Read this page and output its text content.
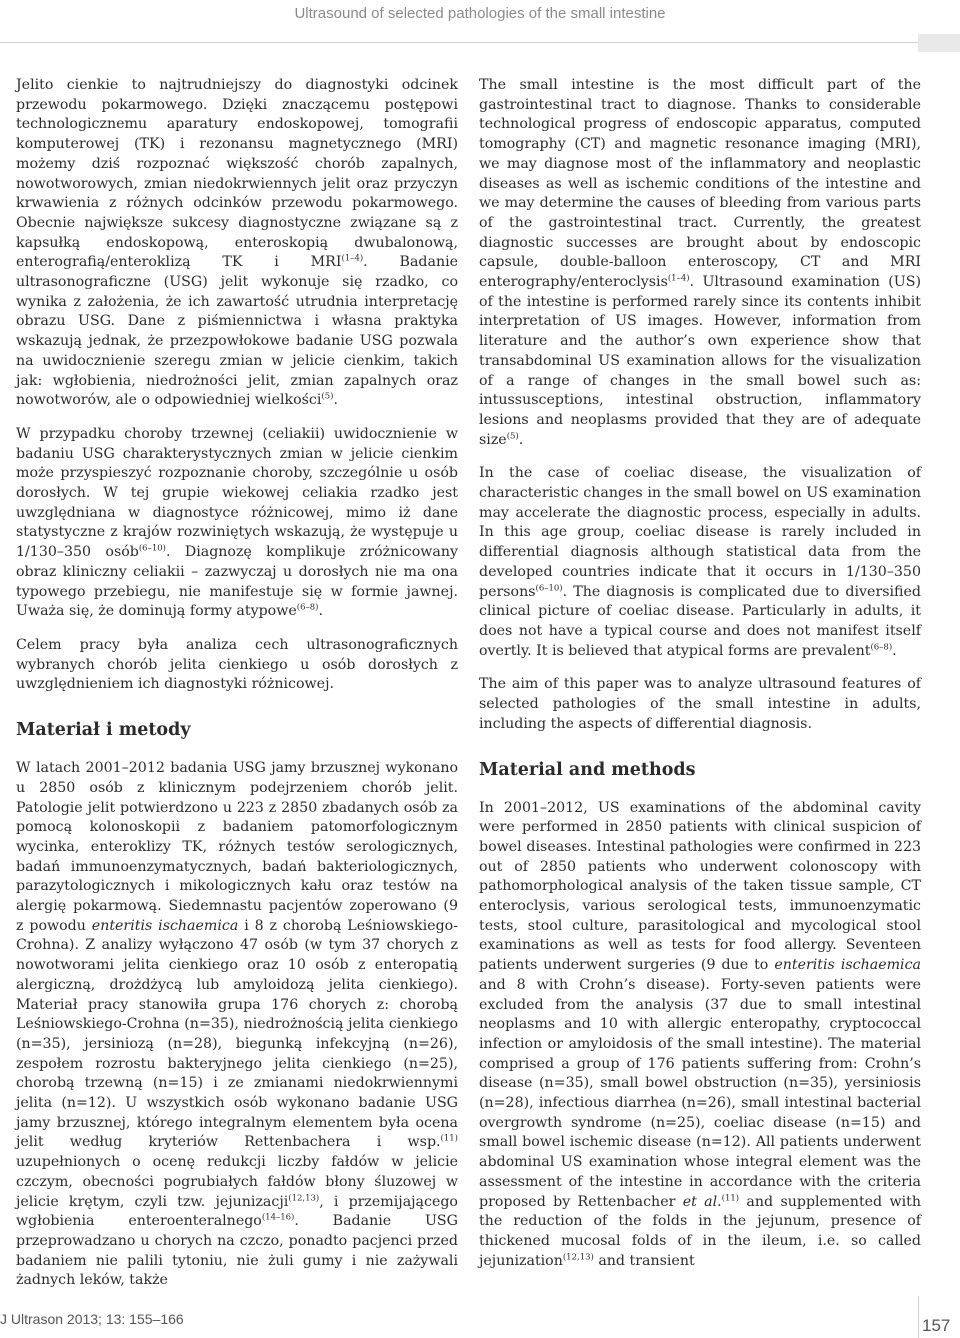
Ultrasound of selected pathologies of the small intestine

Jelito cienkie to najtrudniejszy do diagnostyki odcinek przewodu pokarmowego. Dzięki znaczącemu postępowi technologicznemu aparatury endoskopowej, tomografii komputerowej (TK) i rezonansu magnetycznego (MRI) możemy dziś rozpoznać większość chorób zapalnych, nowotworowych, zmian niedokrwiennych jelit oraz przyczyn krwawienia z różnych odcinków przewodu pokarmowego. Obecnie największe sukcesy diagnostyczne związane są z kapsułką endoskopową, enteroskopią dwubalonową, enterografią/enteroklizą TK i MRI$^{(1-4)}$. Badanie ultrasonograficzne (USG) jelit wykonuje się rzadko, co wynika z założenia, że ich zawartość utrudnia interpretację obrazu USG. Dane z piśmiennictwa i własna praktyka wskazują jednak, że przezpowłokowe badanie USG pozwala na uwidocznienie szeregu zmian w jelicie cienkim, takich jak: wgłobienia, niedrożności jelit, zmian zapalnych oraz nowotworów, ale o odpowiedniej wielkości$^{(5)}$.

W przypadku choroby trzewnej (celiakii) uwidocznienie w badaniu USG charakterystycznych zmian w jelicie cienkim może przyspieszyć rozpoznanie choroby, szczególnie u osób dorosłych. W tej grupie wiekowej celiakia rzadko jest uwzględniana w diagnostyce różnicowej, mimo iż dane statystyczne z krajów rozwiniętych wskazują, że występuje u 1/130–350 osób$^{(6-10)}$. Diagnozę komplikuje zróżnicowany obraz kliniczny celiakii – zazwyczaj u dorosłych nie ma ona typowego przebiegu, nie manifestuje się w formie jawnej. Uważa się, że dominują formy atypowe$^{(6-8)}$.

Celem pracy była analiza cech ultrasonograficznych wybranych chorób jelita cienkiego u osób dorosłych z uwzględnieniem ich diagnostyki różnicowej.

Materiał i metody

W latach 2001–2012 badania USG jamy brzusznej wykonano u 2850 osób z klinicznym podejrzeniem chorób jelit. Patologie jelit potwierdzono u 223 z 2850 zbadanych osób za pomocą kolonoskopii z badaniem patomorfologicznym wycinka, enteroklizy TK, różnych testów serologicznych, badań immunoenzymatycznych, badań bakteriologicznych, parazytologicznych i mikologicznych kału oraz testów na alergię pokarmową. Siedemnastu pacjentów zoperowano (9 z powodu enteritis ischaemica i 8 z chorobą Leśniowskiego-Crohna). Z analizy wyłączono 47 osób (w tym 37 chorych z nowotworami jelita cienkiego oraz 10 osób z enteropatią alergiczną, drożdżycą lub amyloidozą jelita cienkiego). Materiał pracy stanowiła grupa 176 chorych z: chorobą Leśniowskiego-Crohna (n=35), niedrożnością jelita cienkiego (n=35), jersiniozą (n=28), biegunką infekcyjną (n=26), zespołem rozrostu bakteryjnego jelita cienkiego (n=25), chorobą trzewną (n=15) i ze zmianami niedokrwiennymi jelita (n=12). U wszystkich osób wykonano badanie USG jamy brzusznej, którego integralnym elementem była ocena jelit według kryteriów Rettenbachera i wsp.$^{(11)}$ uzupełnionych o ocenę redukcji liczby fałdów w jelicie czczym, obecności pogrubiałych fałdów błony śluzowej w jelicie krętym, czyli tzw. jejunizacji$^{(12,13)}$, i przemijającego wgłobienia enteroenteralnego$^{(14-16)}$. Badanie USG przeprowadzano u chorych na czczo, ponadto pacjenci przed badaniem nie palili tytoniu, nie żuli gumy i nie zażywali żadnych leków, także

The small intestine is the most difficult part of the gastrointestinal tract to diagnose. Thanks to considerable technological progress of endoscopic apparatus, computed tomography (CT) and magnetic resonance imaging (MRI), we may diagnose most of the inflammatory and neoplastic diseases as well as ischemic conditions of the intestine and we may determine the causes of bleeding from various parts of the gastrointestinal tract. Currently, the greatest diagnostic successes are brought about by endoscopic capsule, double-balloon enteroscopy, CT and MRI enterography/enteroclysis$^{(1-4)}$. Ultrasound examination (US) of the intestine is performed rarely since its contents inhibit interpretation of US images. However, information from literature and the author’s own experience show that transabdominal US examination allows for the visualization of a range of changes in the small bowel such as: intussusceptions, intestinal obstruction, inflammatory lesions and neoplasms provided that they are of adequate size$^{(5)}$.

In the case of coeliac disease, the visualization of characteristic changes in the small bowel on US examination may accelerate the diagnostic process, especially in adults. In this age group, coeliac disease is rarely included in differential diagnosis although statistical data from the developed countries indicate that it occurs in 1/130–350 persons$^{(6-10)}$. The diagnosis is complicated due to diversified clinical picture of coeliac disease. Particularly in adults, it does not have a typical course and does not manifest itself overtly. It is believed that atypical forms are prevalent$^{(6-8)}$.

The aim of this paper was to analyze ultrasound features of selected pathologies of the small intestine in adults, including the aspects of differential diagnosis.

Material and methods

In 2001–2012, US examinations of the abdominal cavity were performed in 2850 patients with clinical suspicion of bowel diseases. Intestinal pathologies were confirmed in 223 out of 2850 patients who underwent colonoscopy with pathomorphological analysis of the taken tissue sample, CT enteroclysis, various serological tests, immunoenzymatic tests, stool culture, parasitological and mycological stool examinations as well as tests for food allergy. Seventeen patients underwent surgeries (9 due to enteritis ischaemica and 8 with Crohn’s disease). Forty-seven patients were excluded from the analysis (37 due to small intestinal neoplasms and 10 with allergic enteropathy, cryptococcal infection or amyloidosis of the small intestine). The material comprised a group of 176 patients suffering from: Crohn’s disease (n=35), small bowel obstruction (n=35), yersiniosis (n=28), infectious diarrhea (n=26), small intestinal bacterial overgrowth syndrome (n=25), coeliac disease (n=15) and small bowel ischemic disease (n=12). All patients underwent abdominal US examination whose integral element was the assessment of the intestine in accordance with the criteria proposed by Rettenbacher et al.$^{(11)}$ and supplemented with the reduction of the folds in the jejunum, presence of thickened mucosal folds of in the ileum, i.e. so called jejunization$^{(12,13)}$ and transient

J Ultrason 2013; 13: 155–166	157
